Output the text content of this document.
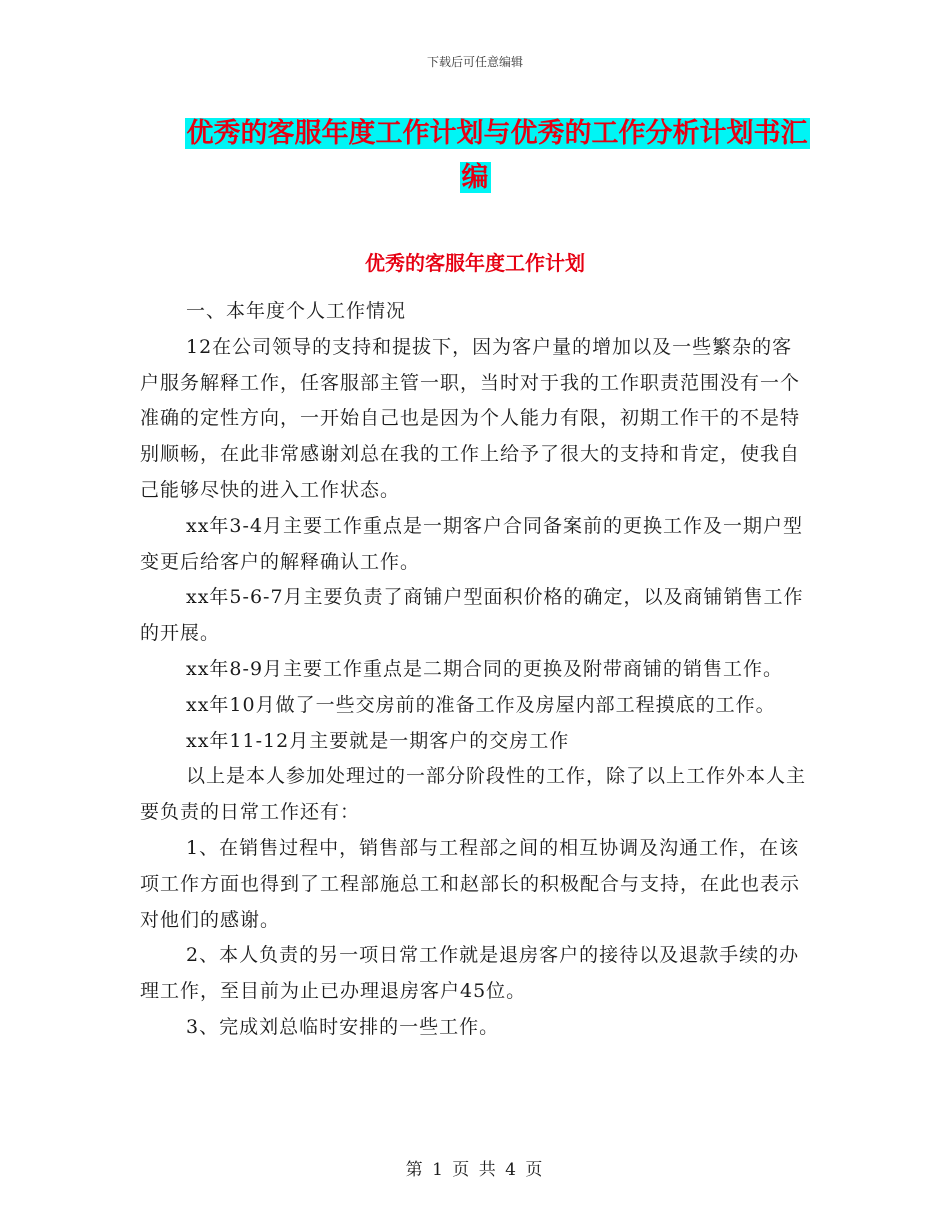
下载后可任意编辑
优秀的客服年度工作计划与优秀的工作分析计划书汇
编
优秀的客服年度工作计划

一、本年度个人工作情况

12在公司领导的支持和提拔下，因为客户量的增加以及一些繁杂的客户服务解释工作，任客服部主管一职，当时对于我的工作职责范围没有一个准确的定性方向，一开始自己也是因为个人能力有限，初期工作干的不是特别顺畅，在此非常感谢刘总在我的工作上给予了很大的支持和肯定，使我自己能够尽快的进入工作状态。

xx年3-4月主要工作重点是一期客户合同备案前的更换工作及一期户型变更后给客户的解释确认工作。

xx年5-6-7月主要负责了商铺户型面积价格的确定，以及商铺销售工作的开展。

xx年8-9月主要工作重点是二期合同的更换及附带商铺的销售工作。

xx年10月做了一些交房前的准备工作及房屋内部工程摸底的工作。

xx年11-12月主要就是一期客户的交房工作

以上是本人参加处理过的一部分阶段性的工作，除了以上工作外本人主要负责的日常工作还有：

1、在销售过程中，销售部与工程部之间的相互协调及沟通工作，在该项工作方面也得到了工程部施总工和赵部长的积极配合与支持，在此也表示对他们的感谢。

2、本人负责的另一项日常工作就是退房客户的接待以及退款手续的办理工作，至目前为止已办理退房客户45位。

3、完成刘总临时安排的一些工作。

第 1 页 共 4 页
